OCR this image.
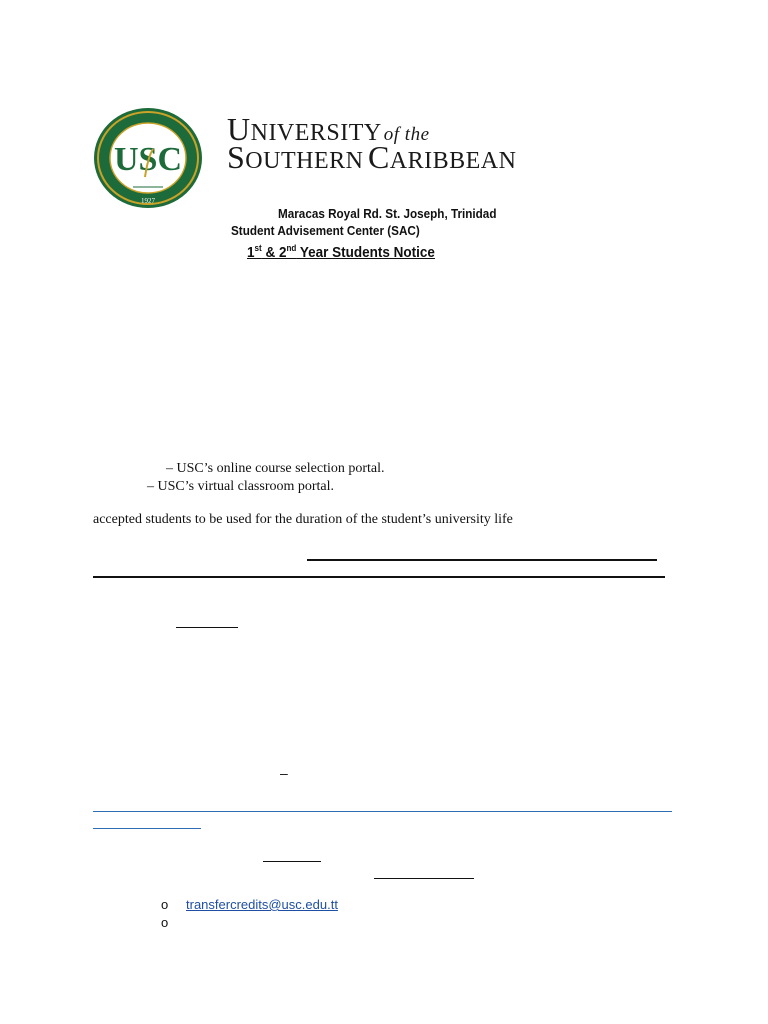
USC
1927
UNIVERSITY of the
SOUTHERN CARIBBEAN
Maracas Royal Rd. St. Joseph, Trinidad
Student Advisement Center (SAC)
1st & 2nd Year Students Notice
– USC’s online course selection portal.
– USC’s virtual classroom portal.
accepted students to be used for the duration of the student’s university life
–
o transfercredits@usc.edu.tt
o
